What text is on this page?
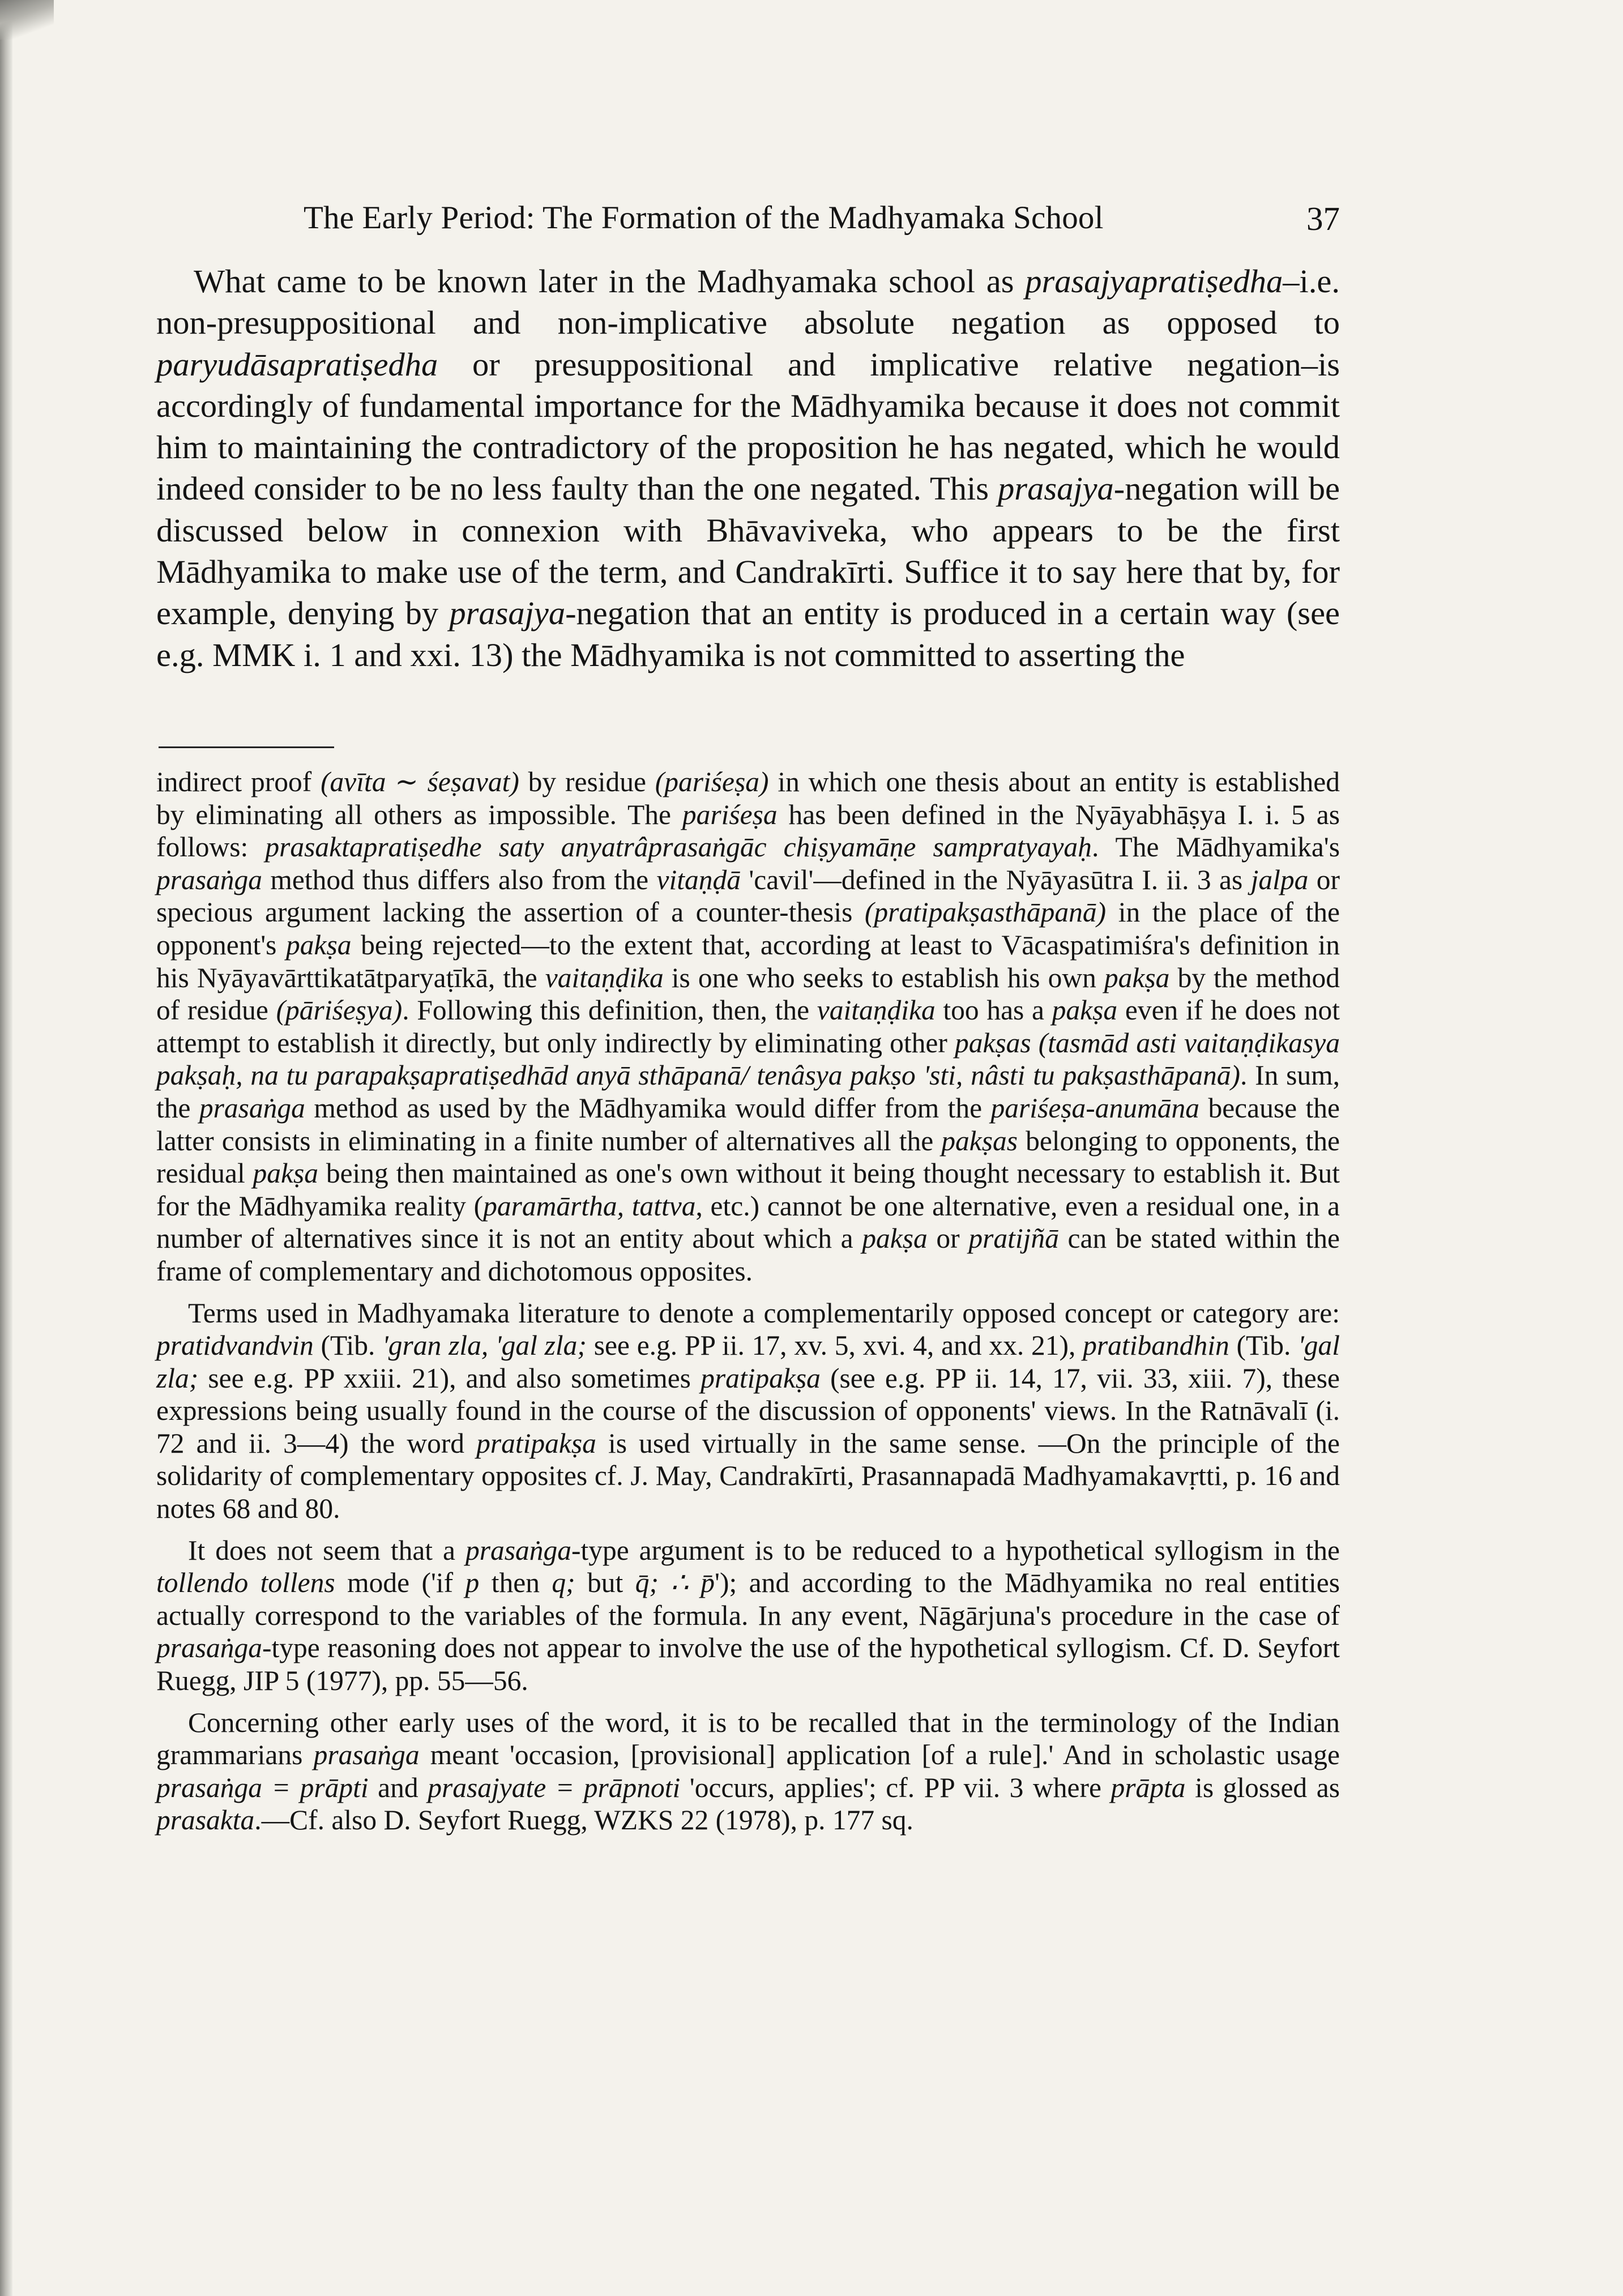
The Early Period: The Formation of the Madhyamaka School	37

What came to be known later in the Madhyamaka school as prasajyapratiṣedha–i.e. non-presuppositional and non-implicative absolute negation as opposed to paryudāsapratiṣedha or presuppositional and implicative relative negation–is accordingly of fundamental importance for the Mādhyamika because it does not commit him to maintaining the contradictory of the proposition he has negated, which he would indeed consider to be no less faulty than the one negated. This prasajya-negation will be discussed below in connexion with Bhāvaviveka, who appears to be the first Mādhyamika to make use of the term, and Candrakīrti. Suffice it to say here that by, for example, denying by prasajya-negation that an entity is produced in a certain way (see e.g. MMK i. 1 and xxi. 13) the Mādhyamika is not committed to asserting the

indirect proof (avīta ∼ śeṣavat) by residue (pariśeṣa) in which one thesis about an entity is established by eliminating all others as impossible. The pariśeṣa has been defined in the Nyāyabhāṣya I. i. 5 as follows: prasaktapratiṣedhe saty anyatrâprasaṅgāc chiṣyamāṇe sampratyayaḥ. The Mādhyamika's prasaṅga method thus differs also from the vitaṇḍā 'cavil'—defined in the Nyāyasūtra I. ii. 3 as jalpa or specious argument lacking the assertion of a counter-thesis (pratipakṣasthāpanā) in the place of the opponent's pakṣa being rejected—to the extent that, according at least to Vācaspatimiśra's definition in his Nyāyavārttikatātparyaṭīkā, the vaitaṇḍika is one who seeks to establish his own pakṣa by the method of residue (pāriśeṣya). Following this definition, then, the vaitaṇḍika too has a pakṣa even if he does not attempt to establish it directly, but only indirectly by eliminating other pakṣas (tasmād asti vaitaṇḍikasya pakṣaḥ, na tu parapakṣapratiṣedhād anyā sthāpanā/ tenâsya pakṣo 'sti, nâsti tu pakṣasthāpanā). In sum, the prasaṅga method as used by the Mādhyamika would differ from the pariśeṣa-anumāna because the latter consists in eliminating in a finite number of alternatives all the pakṣas belonging to opponents, the residual pakṣa being then maintained as one's own without it being thought necessary to establish it. But for the Mādhyamika reality (paramārtha, tattva, etc.) cannot be one alternative, even a residual one, in a number of alternatives since it is not an entity about which a pakṣa or pratijñā can be stated within the frame of complementary and dichotomous opposites.

Terms used in Madhyamaka literature to denote a complementarily opposed concept or category are: pratidvandvin (Tib. 'gran zla, 'gal zla; see e.g. PP ii. 17, xv. 5, xvi. 4, and xx. 21), pratibandhin (Tib. 'gal zla; see e.g. PP xxiii. 21), and also sometimes pratipakṣa (see e.g. PP ii. 14, 17, vii. 33, xiii. 7), these expressions being usually found in the course of the discussion of opponents' views. In the Ratnāvalī (i. 72 and ii. 3—4) the word pratipakṣa is used virtually in the same sense. —On the principle of the solidarity of complementary opposites cf. J. May, Candrakīrti, Prasannapadā Madhyamakavṛtti, p. 16 and notes 68 and 80.

It does not seem that a prasaṅga-type argument is to be reduced to a hypothetical syllogism in the tollendo tollens mode ('if p then q; but q̄; ∴ p̄'); and according to the Mādhyamika no real entities actually correspond to the variables of the formula. In any event, Nāgārjuna's procedure in the case of prasaṅga-type reasoning does not appear to involve the use of the hypothetical syllogism. Cf. D. Seyfort Ruegg, JIP 5 (1977), pp. 55—56.

Concerning other early uses of the word, it is to be recalled that in the terminology of the Indian grammarians prasaṅga meant 'occasion, [provisional] application [of a rule].' And in scholastic usage prasaṅga = prāpti and prasajyate = prāpnoti 'occurs, applies'; cf. PP vii. 3 where prāpta is glossed as prasakta.—Cf. also D. Seyfort Ruegg, WZKS 22 (1978), p. 177 sq.
